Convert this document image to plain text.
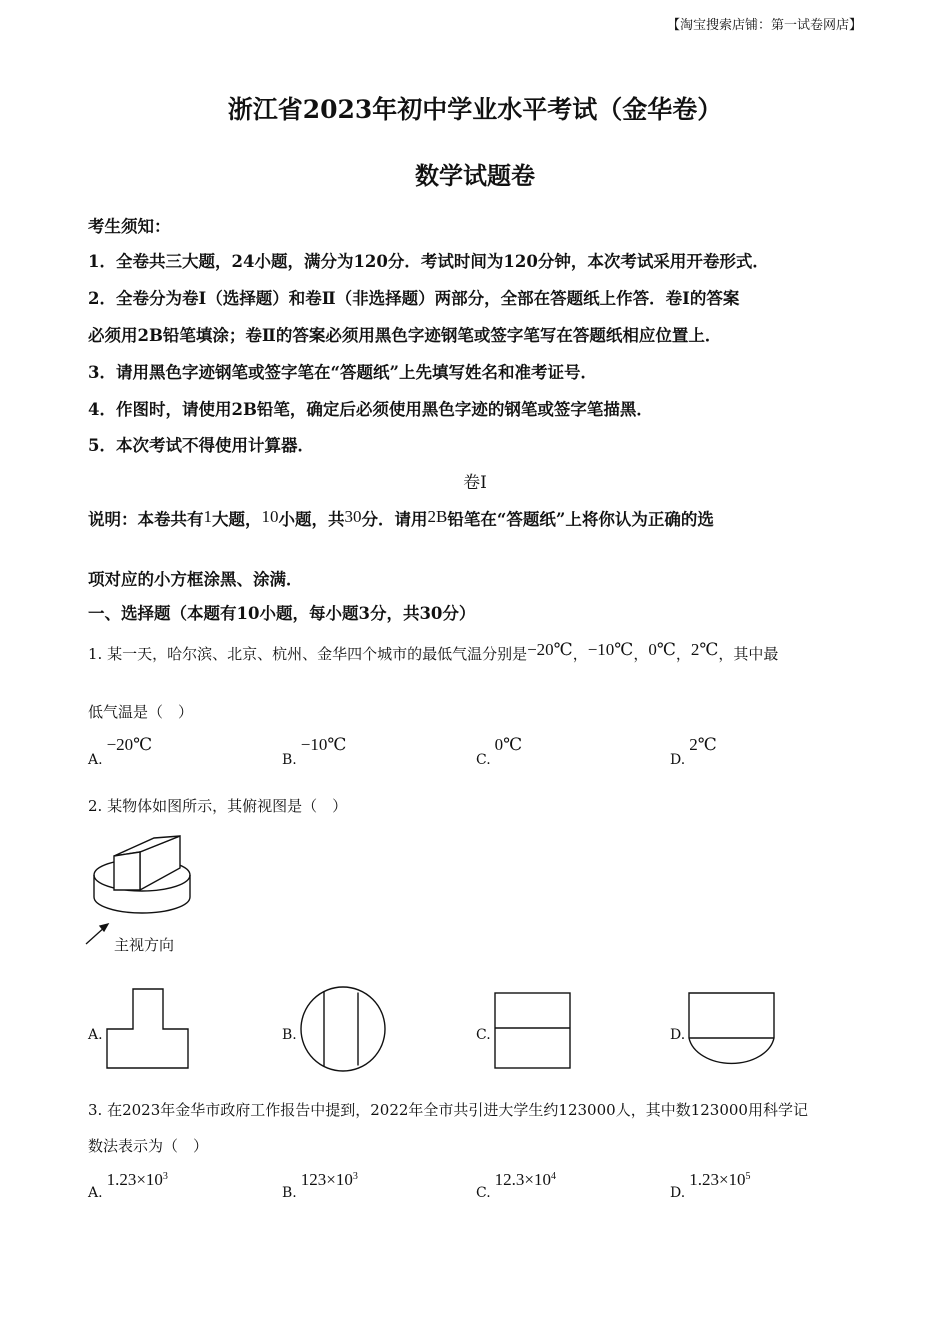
【淘宝搜索店铺：第一试卷网店】
浙江省2023年初中学业水平考试（金华卷）
数学试题卷
考生须知：
1．全卷共三大题，24小题，满分为120分．考试时间为120分钟，本次考试采用开卷形式．
2．全卷分为卷Ⅰ（选择题）和卷Ⅱ（非选择题）两部分，全部在答题纸上作答．卷Ⅰ的答案
必须用2B铅笔填涂；卷Ⅱ的答案必须用黑色字迹钢笔或签字笔写在答题纸相应位置上．
3．请用黑色字迹钢笔或签字笔在“答题纸”上先填写姓名和准考证号．
4．作图时，请使用2B铅笔，确定后必须使用黑色字迹的钢笔或签字笔描黑．
5．本次考试不得使用计算器．
卷Ⅰ
说明：本卷共有1大题，10小题，共30分．请用2B铅笔在“答题纸”上将你认为正确的选
项对应的小方框涂黑、涂满．
一、选择题（本题有10小题，每小题3分，共30分）
1. 某一天，哈尔滨、北京、杭州、金华四个城市的最低气温分别是−20℃，−10℃，0℃，2℃，其中最
低气温是（　）
A.−20℃
B.−10℃
C.0℃
D.2℃
2. 某物体如图所示，其俯视图是（　）
主视方向
A.	B.	C.	D.
3. 在2023年金华市政府工作报告中提到，2022年全市共引进大学生约123000人，其中数123000用科学记
数法表示为（　）
$A.1.23\times 10^3$
$B.123\times 10^3$
$C.12.3\times 10^4$
$D.1.23\times 10^5$
